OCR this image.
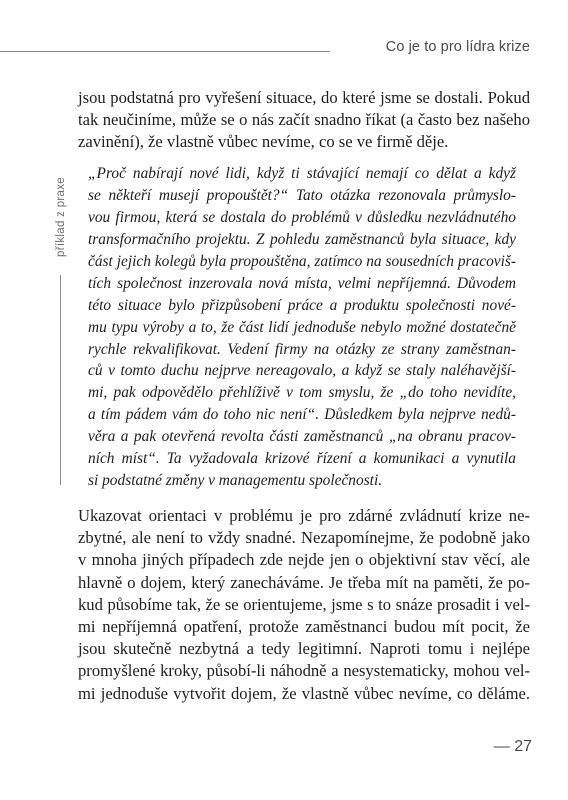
Co je to pro lídra krize
jsou podstatná pro vyřešení situace, do které jsme se dostali. Pokud
tak neučiníme, může se o nás začít snadno říkat (a často bez našeho
zavinění), že vlastně vůbec nevíme, co se ve firmě děje.
příklad z praxe
„Proč nabírají nové lidi, když ti stávající nemají co dělat a když
se někteří musejí propouštět?“ Tato otázka rezonovala průmyslo-
vou firmou, která se dostala do problémů v důsledku nezvládnutého
transformačního projektu. Z pohledu zaměstnanců byla situace, kdy
část jejich kolegů byla propouštěna, zatímco na sousedních pracoviš-
tích společnost inzerovala nová místa, velmi nepříjemná. Důvodem
této situace bylo přizpůsobení práce a produktu společnosti nové-
mu typu výroby a to, že část lidí jednoduše nebylo možné dostatečně
rychle rekvalifikovat. Vedení firmy na otázky ze strany zaměstnan-
ců v tomto duchu nejprve nereagovalo, a když se staly naléhavější-
mi, pak odpovědělo přehlíživě v tom smyslu, že „do toho nevidíte,
a tím pádem vám do toho nic není“. Důsledkem byla nejprve nedů-
věra a pak otevřená revolta části zaměstnanců „na obranu pracov-
ních míst“. Ta vyžadovala krizové řízení a komunikaci a vynutila
si podstatné změny v managementu společnosti.
Ukazovat orientaci v problému je pro zdárné zvládnutí krize ne-
zbytné, ale není to vždy snadné. Nezapomínejme, že podobně jako
v mnoha jiných případech zde nejde jen o objektivní stav věcí, ale
hlavně o dojem, který zanecháváme. Je třeba mít na paměti, že po-
kud působíme tak, že se orientujeme, jsme s to snáze prosadit i vel-
mi nepříjemná opatření, protože zaměstnanci budou mít pocit, že
jsou skutečně nezbytná a tedy legitimní. Naproti tomu i nejlépe
promyšlené kroky, působí-li náhodně a nesystematicky, mohou vel-
mi jednoduše vytvořit dojem, že vlastně vůbec nevíme, co děláme.
— 27
